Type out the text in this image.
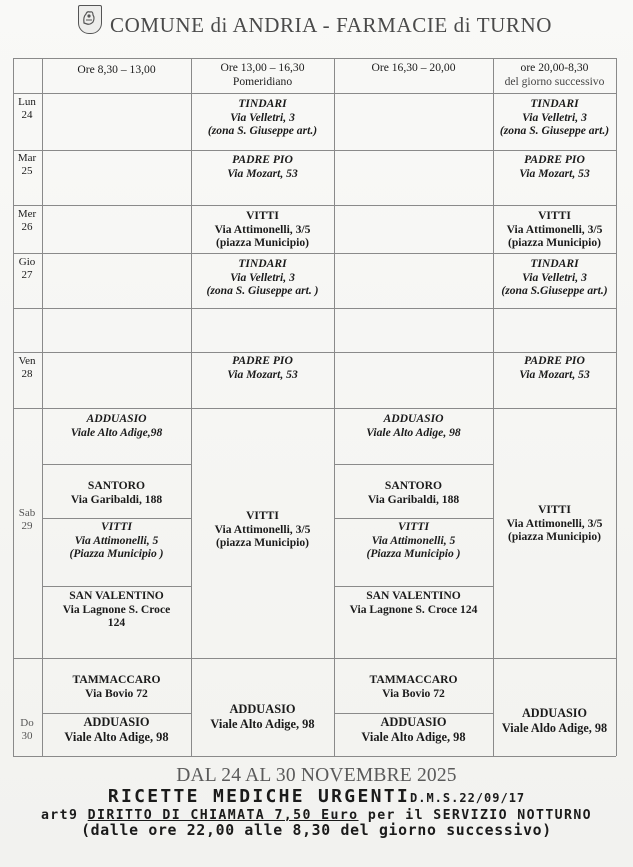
COMUNE di ANDRIA - FARMACIE di TURNO
Ore 8,30 – 13,00	Ore 13,00 – 16,30
Pomeridiano
Ore 16,30 – 20,00	ore 20,00-8,30
del giorno successivo
Lun
24
Mar
25
Mer
26
Gio
27
Ven
28
Sab
29
Do
30
TINDARI
Via Velletri, 3
(zona S. Giuseppe art.)
TINDARI
Via Velletri, 3
(zona S. Giuseppe art.)
PADRE PIO
Via Mozart, 53
PADRE PIO
Via Mozart, 53
VITTI
Via Attimonelli, 3/5
(piazza Municipio)
VITTI
Via Attimonelli, 3/5
(piazza Municipio)
TINDARI
Via Velletri, 3
(zona S. Giuseppe art. )
TINDARI
Via Velletri, 3
(zona S.Giuseppe art.)
PADRE PIO
Via Mozart, 53
PADRE PIO
Via Mozart, 53
ADDUASIO
Viale Alto Adige,98
SANTORO
Via Garibaldi, 188
VITTI
Via Attimonelli, 5
(Piazza Municipio )
SAN VALENTINO
Via Lagnone S. Croce
124
VITTI
Via Attimonelli, 3/5
(piazza Municipio)
ADDUASIO
Viale Alto Adige, 98
SANTORO
Via Garibaldi, 188
VITTI
Via Attimonelli, 5
(Piazza Municipio )
SAN VALENTINO
Via Lagnone S. Croce 124
VITTI
Via Attimonelli, 3/5
(piazza Municipio)
TAMMACCARO
Via Bovio 72
ADDUASIO
Viale Alto Adige, 98
ADDUASIO
Viale Alto Adige, 98
TAMMACCARO
Via Bovio 72
ADDUASIO
Viale Alto Adige, 98
ADDUASIO
Viale Aldo Adige, 98
DAL 24 AL 30 NOVEMBRE 2025
RICETTE MEDICHE URGENTID.M.S.22/09/17
art9 DIRITTO DI CHIAMATA 7,50 Euro per il SERVIZIO NOTTURNO
(dalle ore 22,00 alle 8,30 del giorno successivo)
